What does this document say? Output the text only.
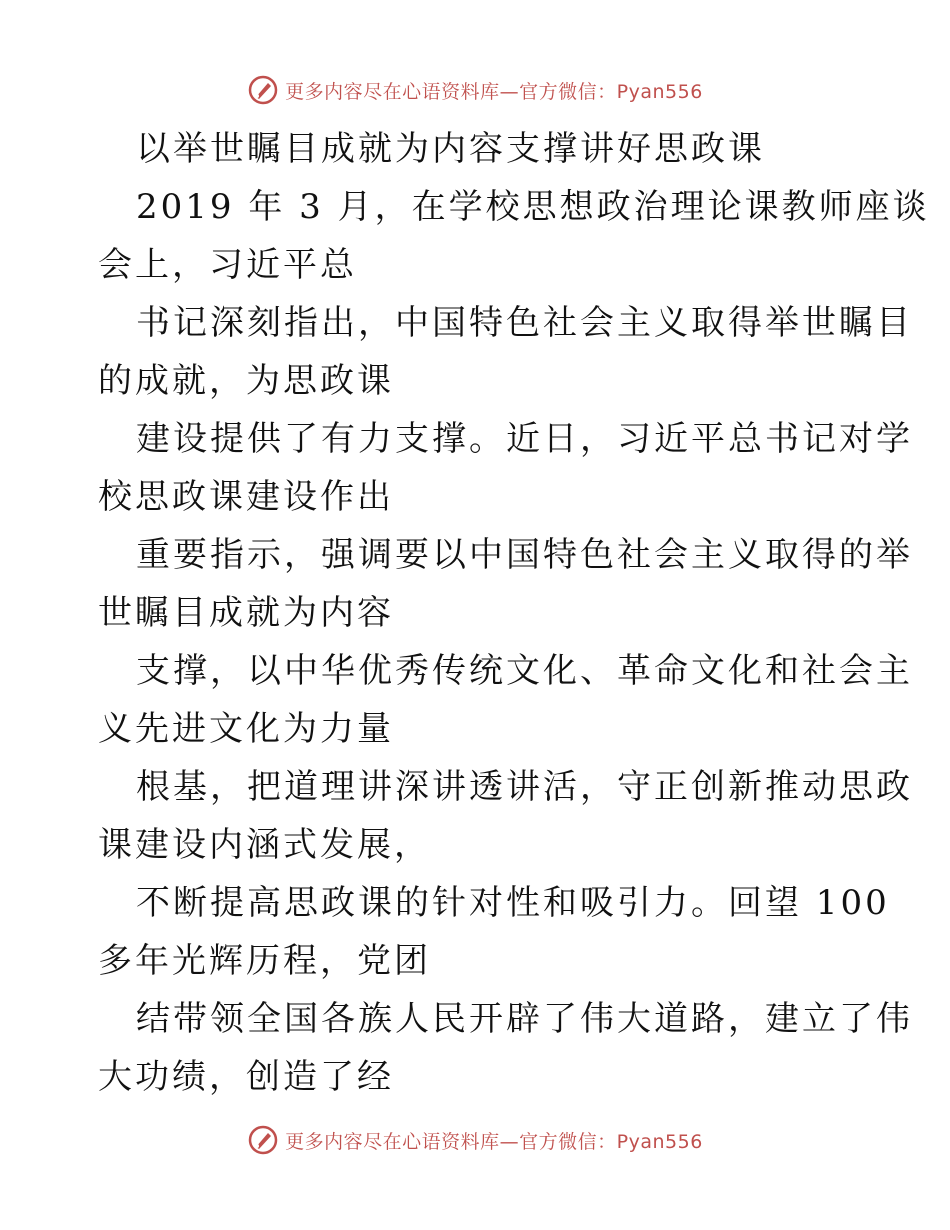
更多内容尽在心语资料库—官方微信：Pyan556
以举世瞩目成就为内容支撑讲好思政课
2019 年 3 月，在学校思想政治理论课教师座谈
会上，习近平总
书记深刻指出，中国特色社会主义取得举世瞩目
的成就，为思政课
建设提供了有力支撑。近日，习近平总书记对学
校思政课建设作出
重要指示，强调要以中国特色社会主义取得的举
世瞩目成就为内容
支撑，以中华优秀传统文化、革命文化和社会主
义先进文化为力量
根基，把道理讲深讲透讲活，守正创新推动思政
课建设内涵式发展，
不断提高思政课的针对性和吸引力。回望 100
多年光辉历程，党团
结带领全国各族人民开辟了伟大道路，建立了伟
大功绩，创造了经
更多内容尽在心语资料库—官方微信：Pyan556
